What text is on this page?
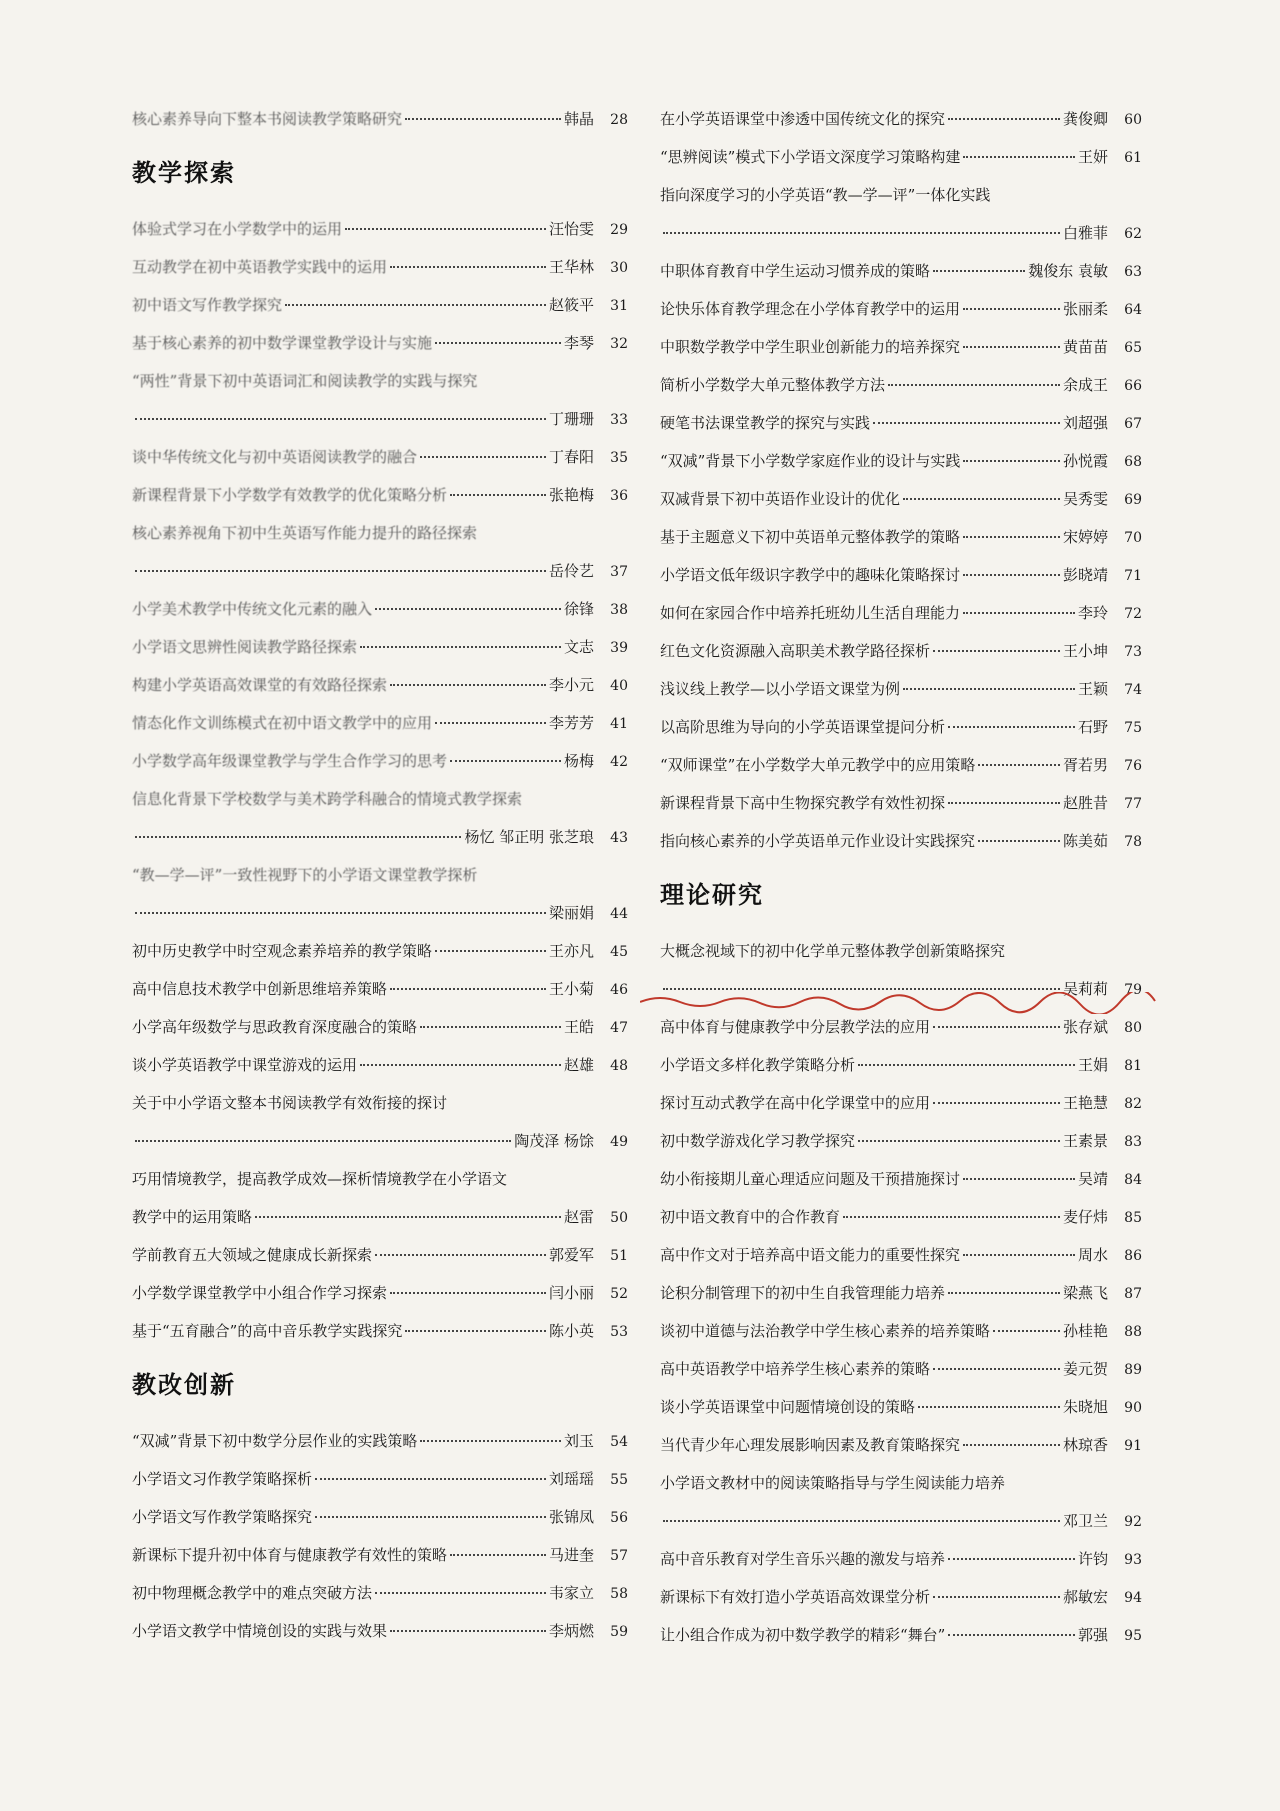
核心素养导向下整本书阅读教学策略研究	韩晶	28
教学探索
体验式学习在小学数学中的运用	汪怡雯	29
互动教学在初中英语教学实践中的运用	王华林	30
初中语文写作教学探究	赵筱平	31
基于核心素养的初中数学课堂教学设计与实施	李琴	32
“两性”背景下初中英语词汇和阅读教学的实践与探究
丁珊珊	33
谈中华传统文化与初中英语阅读教学的融合	丁春阳	35
新课程背景下小学数学有效教学的优化策略分析	张艳梅	36
核心素养视角下初中生英语写作能力提升的路径探索
岳伶艺	37
小学美术教学中传统文化元素的融入	徐锋	38
小学语文思辨性阅读教学路径探索	文志	39
构建小学英语高效课堂的有效路径探索	李小元	40
情态化作文训练模式在初中语文教学中的应用	李芳芳	41
小学数学高年级课堂教学与学生合作学习的思考	杨梅	42
信息化背景下学校数学与美术跨学科融合的情境式教学探索
杨忆 邹正明 张芝琅	43
“教—学—评”一致性视野下的小学语文课堂教学探析
梁丽娟	44
初中历史教学中时空观念素养培养的教学策略	王亦凡	45
高中信息技术教学中创新思维培养策略	王小菊	46
小学高年级数学与思政教育深度融合的策略	王皓	47
谈小学英语教学中课堂游戏的运用	赵雄	48
关于中小学语文整本书阅读教学有效衔接的探讨
陶茂泽 杨馀	49
巧用情境教学，提高教学成效—探析情境教学在小学语文
教学中的运用策略	赵雷	50
学前教育五大领域之健康成长新探索	郭爱军	51
小学数学课堂教学中小组合作学习探索	闫小丽	52
基于“五育融合”的高中音乐教学实践探究	陈小英	53
教改创新
“双减”背景下初中数学分层作业的实践策略	刘玉	54
小学语文习作教学策略探析	刘瑶瑶	55
小学语文写作教学策略探究	张锦凤	56
新课标下提升初中体育与健康教学有效性的策略	马进奎	57
初中物理概念教学中的难点突破方法	韦家立	58
小学语文教学中情境创设的实践与效果	李炳燃	59
在小学英语课堂中渗透中国传统文化的探究	龚俊卿	60
“思辨阅读”模式下小学语文深度学习策略构建	王妍	61
指向深度学习的小学英语“教—学—评”一体化实践
白雅菲	62
中职体育教育中学生运动习惯养成的策略	魏俊东 袁敏	63
论快乐体育教学理念在小学体育教学中的运用	张丽柔	64
中职数学教学中学生职业创新能力的培养探究	黄苗苗	65
简析小学数学大单元整体教学方法	余成王	66
硬笔书法课堂教学的探究与实践	刘超强	67
“双减”背景下小学数学家庭作业的设计与实践	孙悦霞	68
双减背景下初中英语作业设计的优化	吴秀雯	69
基于主题意义下初中英语单元整体教学的策略	宋婷婷	70
小学语文低年级识字教学中的趣味化策略探讨	彭晓靖	71
如何在家园合作中培养托班幼儿生活自理能力	李玲	72
红色文化资源融入高职美术教学路径探析	王小坤	73
浅议线上教学—以小学语文课堂为例	王颖	74
以高阶思维为导向的小学英语课堂提问分析	石野	75
“双师课堂”在小学数学大单元教学中的应用策略	胥若男	76
新课程背景下高中生物探究教学有效性初探	赵胜昔	77
指向核心素养的小学英语单元作业设计实践探究	陈美茹	78
理论研究
大概念视域下的初中化学单元整体教学创新策略探究
吴莉莉	79
高中体育与健康教学中分层教学法的应用	张存斌	80
小学语文多样化教学策略分析	王娟	81
探讨互动式教学在高中化学课堂中的应用	王艳慧	82
初中数学游戏化学习教学探究	王素景	83
幼小衔接期儿童心理适应问题及干预措施探讨	吴靖	84
初中语文教育中的合作教育	麦仔炜	85
高中作文对于培养高中语文能力的重要性探究	周水	86
论积分制管理下的初中生自我管理能力培养	梁燕飞	87
谈初中道德与法治教学中学生核心素养的培养策略	孙桂艳	88
高中英语教学中培养学生核心素养的策略	姜元贺	89
谈小学英语课堂中问题情境创设的策略	朱晓旭	90
当代青少年心理发展影响因素及教育策略探究	林琼香	91
小学语文教材中的阅读策略指导与学生阅读能力培养
邓卫兰	92
高中音乐教育对学生音乐兴趣的激发与培养	许钧	93
新课标下有效打造小学英语高效课堂分析	郝敏宏	94
让小组合作成为初中数学教学的精彩“舞台”	郭强	95
